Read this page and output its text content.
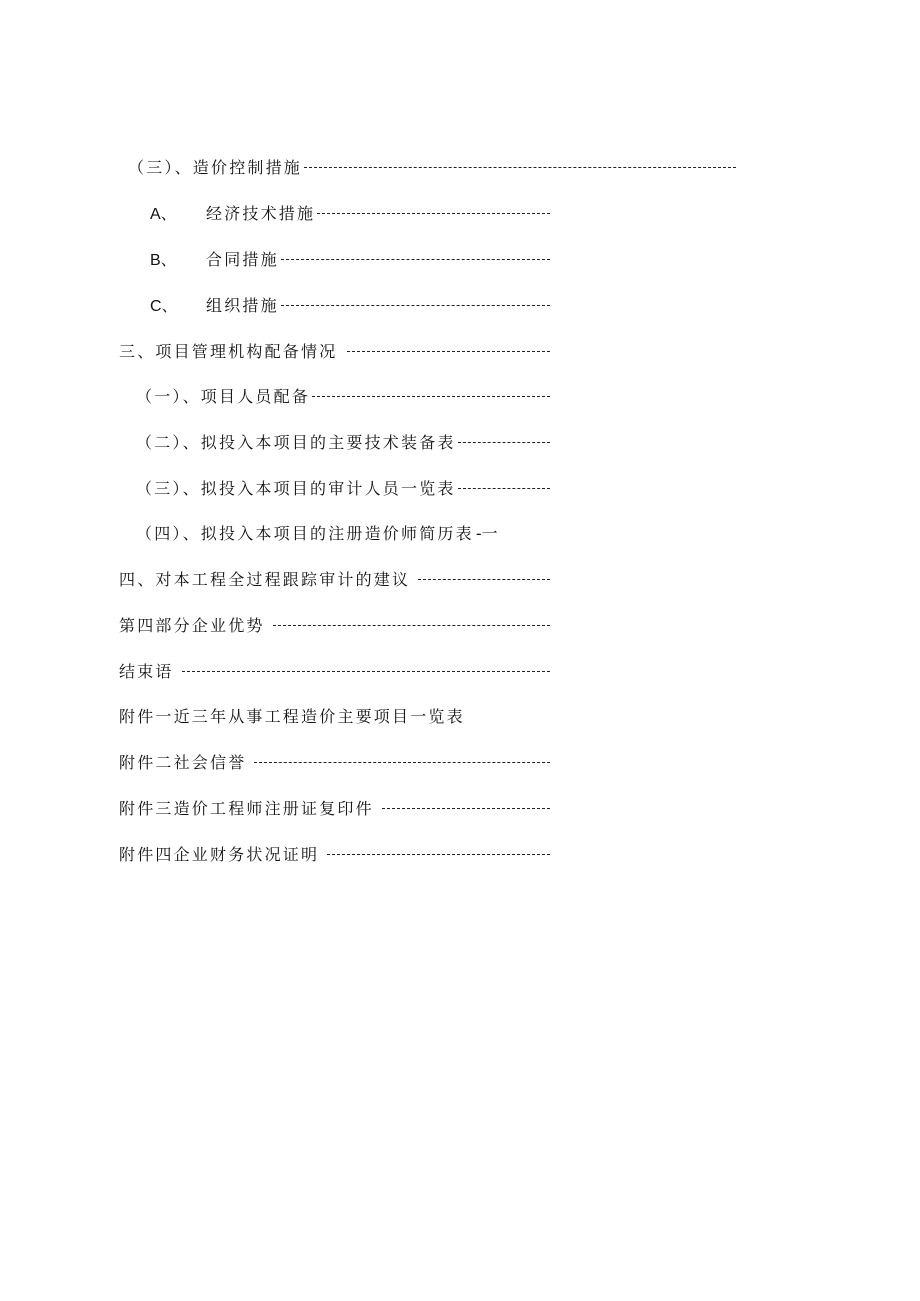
（三）、造价控制措施
A、	经济技术措施
B、	合同措施
C、	组织措施
三、项目管理机构配备情况
（一）、项目人员配备
（二）、拟投入本项目的主要技术装备表
（三）、拟投入本项目的审计人员一览表
（四）、拟投入本项目的注册造价师简历表 -一
四、对本工程全过程跟踪审计的建议
第四部分企业优势
结束语
附件一近三年从事工程造价主要项目一览表
附件二社会信誉
附件三造价工程师注册证复印件
附件四企业财务状况证明
